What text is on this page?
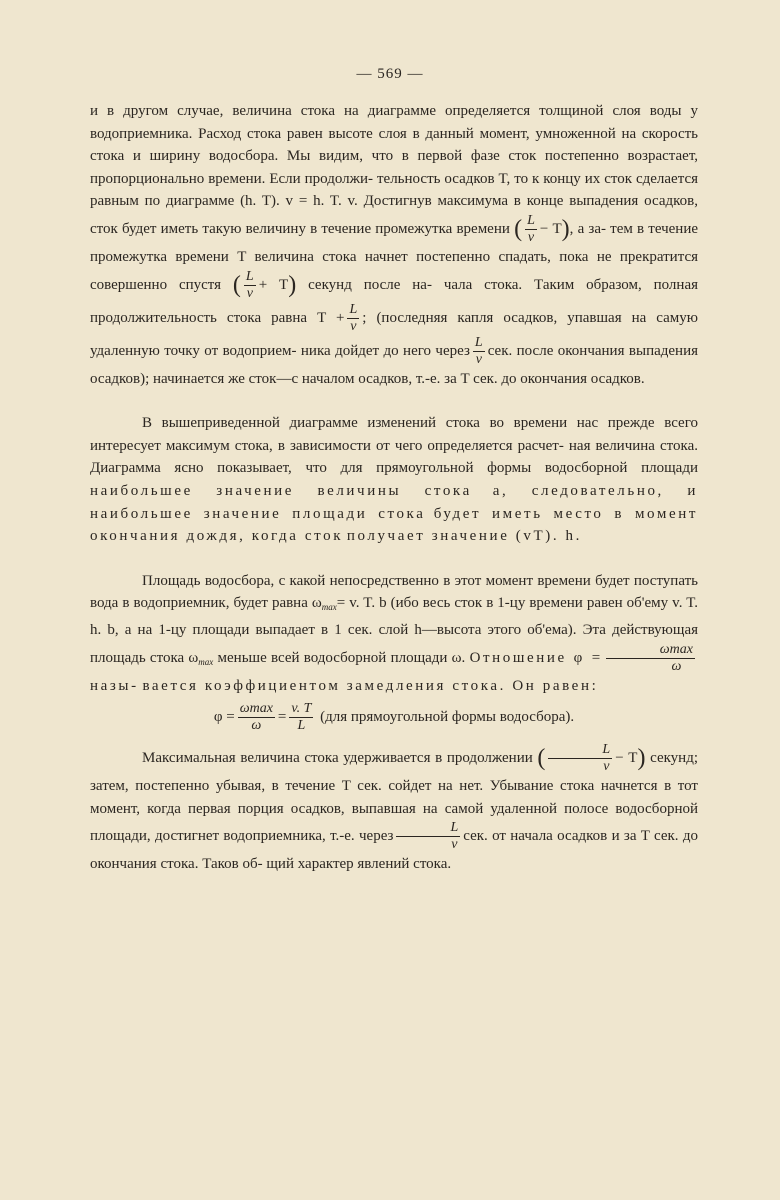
— 569 —

и в другом случае, величина стока на диаграмме определяется толщиной слоя воды у водоприемника. Расход стока равен высоте слоя в данный момент, умноженной на скорость стока и ширину водосбора. Мы видим, что в первой фазе сток постепенно возрастает, пропорционально времени. Если продолжи- тельность осадков T, то к концу их сток сделается равным по диаграмме (h. T). v = h. T. v. Достигнув максимума в конце выпадения осадков, сток будет иметь такую величину в течение промежутка времени ( $\frac{L}{v} - T$), а за- тем в течение промежутка времени T величина стока начнет постепенно спадать, пока не прекратится совершенно спустя ( $\frac{L}{v} + T$) секунд после на- чала стока. Таким образом, полная продолжительность стока равна $T + \frac{L}{v}$ ; (последняя капля осадков, упавшая на самую удаленную точку от водоприем- ника дойдет до него через $\frac{L}{v}$ сек. после окончания выпадения осадков); начинается же сток—с началом осадков, т.-е. за T сек. до окончания осадков.

В вышеприведенной диаграмме изменений стока во времени нас прежде всего интересует максимум стока, в зависимости от чего определяется расчет- ная величина стока. Диаграмма ясно показывает, что для прямоугольной формы водосборной площади наибольшее значение величины стока а, следовательно, и наибольшее значение площади стока будет иметь место в момент окончания дождя, когда сток получает значение (vT). h.

Площадь водосбора, с какой непосредственно в этот момент времени будет поступать вода в водоприемник, будет равна $\omega_{max}= v$. T. b (ибо весь сток в 1-цу времени равен об'ему v. T. h. b, а на 1-цу площади выпадает в 1 сек. слой h—высота этого об'ема). Эта действующая площадь стока $\omega_{max}$ меньше всей водосборной площади ω. Отношение $\varphi = \frac{\omega\max}{\omega}$
назы- вается коэффициентом замедления стока. Он равен:

$\varphi = \frac{\omega\max}{\omega} = \frac{v. T}{L} (для$ прямоугольной формы водосбора).

Максимальная величина стока удерживается в продолжении ( $\frac{L}{v} - T$) секунд; затем, постепенно убывая, в течение T сек. сойдет на нет. Убывание стока начнется в тот момент, когда первая порция осадков, выпавшая на самой удаленной полосе водосборной площади, достигнет водоприемника, т.-е. через $\frac{L}{v}$ сек. от начала осадков и за T сек. до окончания стока. Таков об- щий характер явлений стока.
